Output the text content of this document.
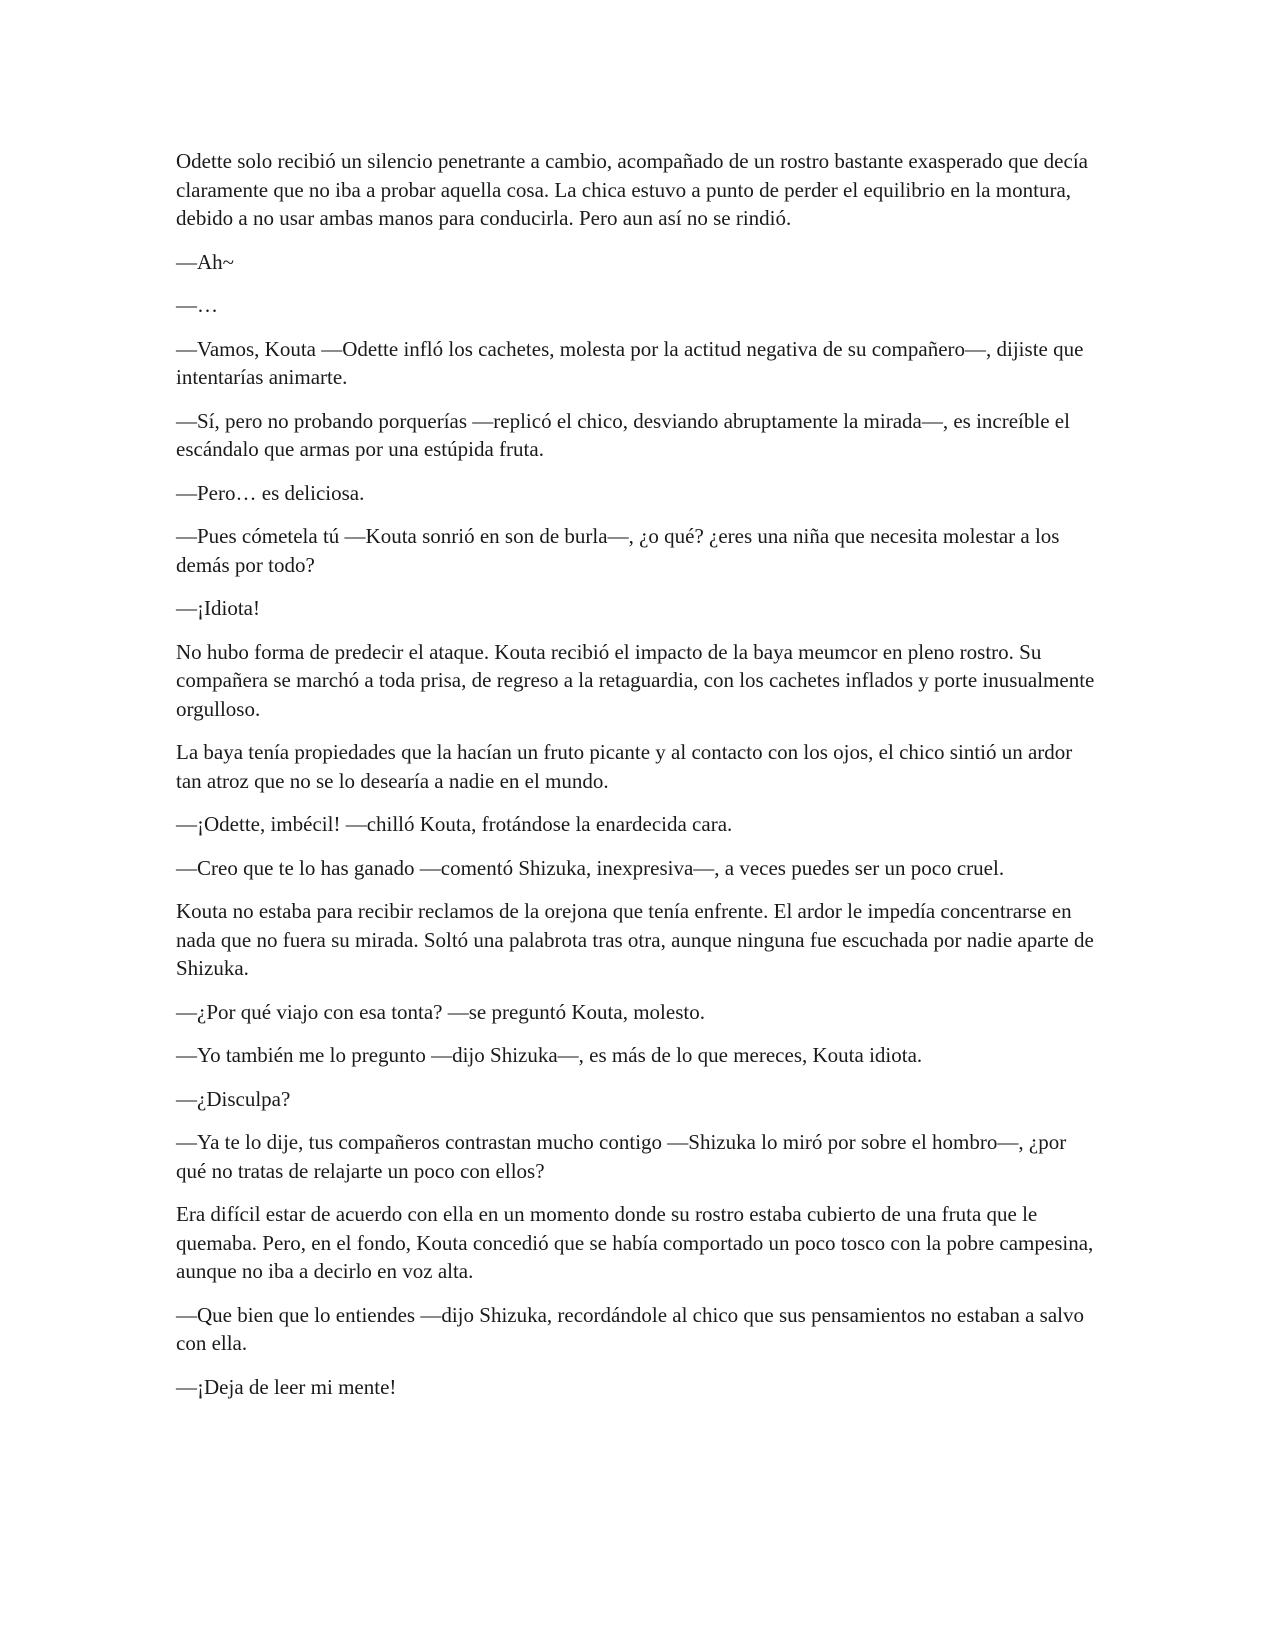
Odette solo recibió un silencio penetrante a cambio, acompañado de un rostro bastante exasperado que decía claramente que no iba a probar aquella cosa. La chica estuvo a punto de perder el equilibrio en la montura, debido a no usar ambas manos para conducirla. Pero aun así no se rindió.

—Ah~

—…

—Vamos, Kouta —Odette infló los cachetes, molesta por la actitud negativa de su compañero—, dijiste que intentarías animarte.

—Sí, pero no probando porquerías —replicó el chico, desviando abruptamente la mirada—, es increíble el escándalo que armas por una estúpida fruta.

—Pero… es deliciosa.

—Pues cómetela tú —Kouta sonrió en son de burla—, ¿o qué? ¿eres una niña que necesita molestar a los demás por todo?

—¡Idiota!

No hubo forma de predecir el ataque. Kouta recibió el impacto de la baya meumcor en pleno rostro. Su compañera se marchó a toda prisa, de regreso a la retaguardia, con los cachetes inflados y porte inusualmente orgulloso.

La baya tenía propiedades que la hacían un fruto picante y al contacto con los ojos, el chico sintió un ardor tan atroz que no se lo desearía a nadie en el mundo.

—¡Odette, imbécil! —chilló Kouta, frotándose la enardecida cara.

—Creo que te lo has ganado —comentó Shizuka, inexpresiva—, a veces puedes ser un poco cruel.

Kouta no estaba para recibir reclamos de la orejona que tenía enfrente. El ardor le impedía concentrarse en nada que no fuera su mirada. Soltó una palabrota tras otra, aunque ninguna fue escuchada por nadie aparte de Shizuka.

—¿Por qué viajo con esa tonta? —se preguntó Kouta, molesto.

—Yo también me lo pregunto —dijo Shizuka—, es más de lo que mereces, Kouta idiota.

—¿Disculpa?

—Ya te lo dije, tus compañeros contrastan mucho contigo —Shizuka lo miró por sobre el hombro—, ¿por qué no tratas de relajarte un poco con ellos?

Era difícil estar de acuerdo con ella en un momento donde su rostro estaba cubierto de una fruta que le quemaba. Pero, en el fondo, Kouta concedió que se había comportado un poco tosco con la pobre campesina, aunque no iba a decirlo en voz alta.

—Que bien que lo entiendes —dijo Shizuka, recordándole al chico que sus pensamientos no estaban a salvo con ella.

—¡Deja de leer mi mente!
